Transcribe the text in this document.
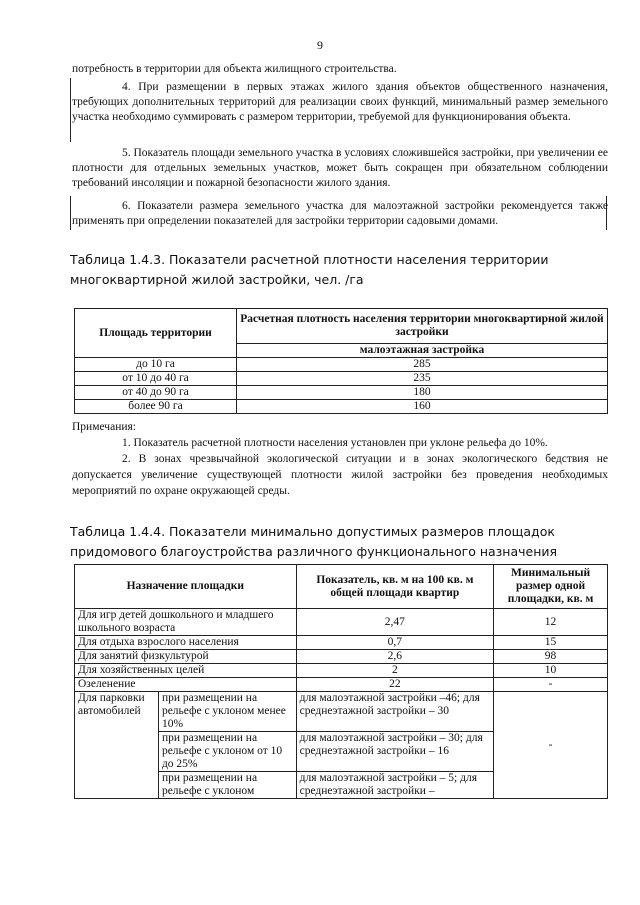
9
потребность в территории для объекта жилищного строительства.
4. При размещении в первых этажах жилого здания объектов общественного назначения, требующих дополнительных территорий для реализации своих функций, минимальный размер земельного участка необходимо суммировать с размером территории, требуемой для функционирования объекта.
5. Показатель площади земельного участка в условиях сложившейся застройки, при увеличении ее плотности для отдельных земельных участков, может быть сокращен при обязательном соблюдении требований инсоляции и пожарной безопасности жилого здания.
6. Показатели размера земельного участка для малоэтажной застройки рекомендуется также применять при определении показателей для застройки территории садовыми домами.
Таблица 1.4.3. Показатели расчетной плотности населения территории многоквартирной жилой застройки, чел. /га
Площадь территории	Расчетная плотность населения территории многоквартирной жилой застройки
	малоэтажная застройка
до 10 га	285
от 10 до 40 га	235
от 40 до 90 га	180
более 90 га	160
Примечания:
1. Показатель расчетной плотности населения установлен при уклоне рельефа до 10%.
2. В зонах чрезвычайной экологической ситуации и в зонах экологического бедствия не допускается увеличение существующей плотности жилой застройки без проведения необходимых мероприятий по охране окружающей среды.
Таблица 1.4.4. Показатели минимально допустимых размеров площадок придомового благоустройства различного функционального назначения
Назначение площадки		Показатель, кв. м на 100 кв. м общей площади квартир	Минимальный размер одной площадки, кв. м
Для игр детей дошкольного и младшего школьного возраста		2,47	12
Для отдыха взрослого населения		0,7	15
Для занятий физкультурой		2,6	98
Для хозяйственных целей		2	10
Озеленение		22	-
Для парковки автомобилей	при размещении на рельефе с уклоном менее 10%	для малоэтажной застройки –46; для среднеэтажной застройки – 30	-
	при размещении на рельефе с уклоном от 10 до 25%	для малоэтажной застройки – 30; для среднеэтажной застройки – 16	
	при размещении на рельефе с уклоном	для малоэтажной застройки – 5; для среднеэтажной застройки –	
